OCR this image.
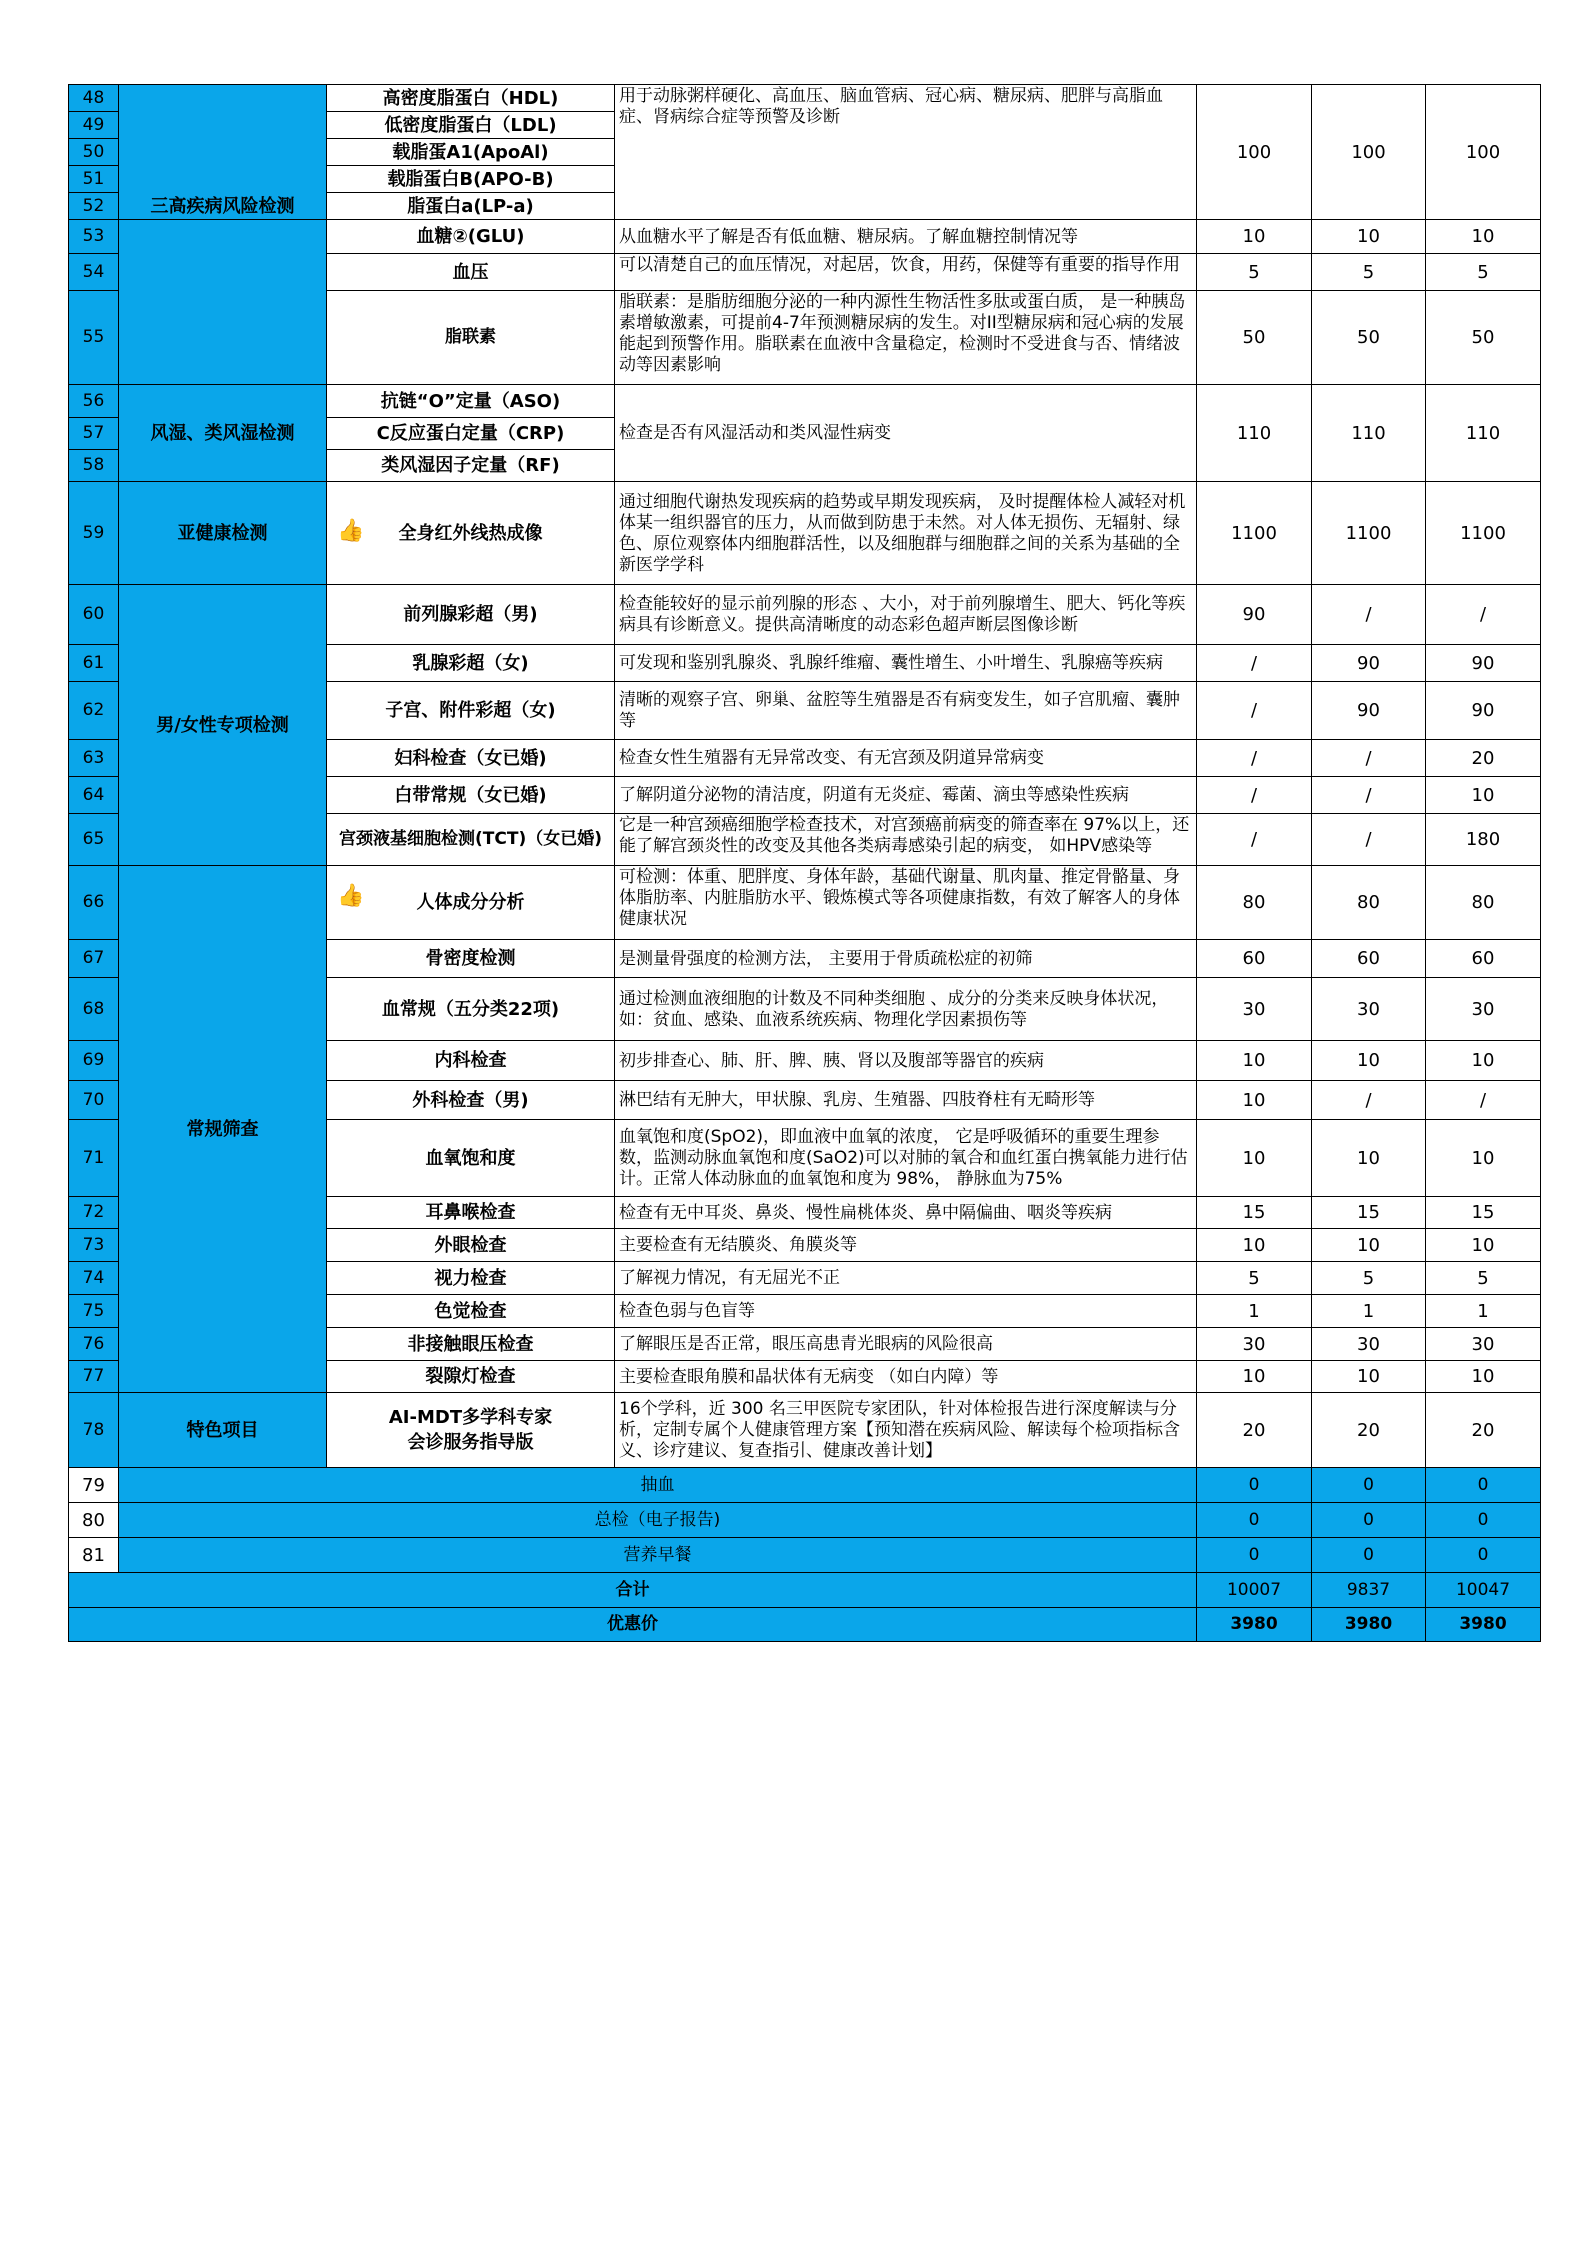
48	三高疾病风险检测	高密度脂蛋白（HDL)	用于动脉粥样硬化、高血压、脑血管病、冠心病、糖尿病、肥胖与高脂血症、肾病综合症等预警及诊断	100	100	100
49		低密度脂蛋白（LDL)				
50		载脂蛋A1(ApoAl)				
51		载脂蛋白B(APO-B)				
52		脂蛋白a(LP-a)				
53		血糖②(GLU)	从血糖水平了解是否有低血糖、糖尿病。了解血糖控制情况等	10	10	10
54		血压	可以清楚自己的血压情况，对起居，饮食，用药，保健等有重要的指导作用	5	5	5
55		脂联素	脂联素：是脂肪细胞分泌的一种内源性生物活性多肽或蛋白质， 是一种胰岛素增敏激素，可提前4-7年预测糖尿病的发生。对II型糖尿病和冠心病的发展能起到预警作用。脂联素在血液中含量稳定，检测时不受进食与否、情绪波动等因素影响	50	50	50
56	风湿、类风湿检测	抗链“O”定量（ASO)	检查是否有风湿活动和类风湿性病变	110	110	110
57		C反应蛋白定量（CRP)				
58		类风湿因子定量（RF)				
59	亚健康检测	👍 全身红外线热成像	通过细胞代谢热发现疾病的趋势或早期发现疾病， 及时提醒体检人减轻对机体某一组织器官的压力，从而做到防患于未然。对人体无损伤、无辐射、绿色、原位观察体内细胞群活性，以及细胞群与细胞群之间的关系为基础的全新医学学科	1100	1100	1100
60	男/女性专项检测	前列腺彩超（男)	检查能较好的显示前列腺的形态 、大小，对于前列腺增生、肥大、钙化等疾病具有诊断意义。提供高清晰度的动态彩色超声断层图像诊断	90	/	/
61		乳腺彩超（女)	可发现和鉴别乳腺炎、乳腺纤维瘤、囊性增生、小叶增生、乳腺癌等疾病	/	90	90
62		子宫、附件彩超（女)	清晰的观察子宫、卵巢、盆腔等生殖器是否有病变发生，如子宫肌瘤、囊肿等	/	90	90
63		妇科检查（女已婚)	检查女性生殖器有无异常改变、有无宫颈及阴道异常病变	/	/	20
64		白带常规（女已婚)	了解阴道分泌物的清洁度，阴道有无炎症、霉菌、滴虫等感染性疾病	/	/	10
65		宫颈液基细胞检测(TCT)（女已婚)	它是一种宫颈癌细胞学检查技术，对宫颈癌前病变的筛查率在 97%以上，还能了解宫颈炎性的改变及其他各类病毒感染引起的病变， 如HPV感染等	/	/	180
66	常规筛查	👍 人体成分分析	可检测：体重、肥胖度、身体年龄，基础代谢量、肌肉量、推定骨骼量、身体脂肪率、内脏脂肪水平、锻炼模式等各项健康指数，有效了解客人的身体健康状况	80	80	80
67		骨密度检测	是测量骨强度的检测方法， 主要用于骨质疏松症的初筛	60	60	60
68		血常规（五分类22项)	通过检测血液细胞的计数及不同种类细胞 、成分的分类来反映身体状况，如：贫血、感染、血液系统疾病、物理化学因素损伤等	30	30	30
69		内科检查	初步排查心、肺、肝、脾、胰、肾以及腹部等器官的疾病	10	10	10
70		外科检查（男)	淋巴结有无肿大，甲状腺、乳房、生殖器、四肢脊柱有无畸形等	10	/	/
71		血氧饱和度	血氧饱和度(SpO2)，即血液中血氧的浓度， 它是呼吸循环的重要生理参数，监测动脉血氧饱和度(SaO2)可以对肺的氧合和血红蛋白携氧能力进行估计。正常人体动脉血的血氧饱和度为 98%， 静脉血为75%	10	10	10
72		耳鼻喉检查	检查有无中耳炎、鼻炎、慢性扁桃体炎、鼻中隔偏曲、咽炎等疾病	15	15	15
73		外眼检查	主要检查有无结膜炎、角膜炎等	10	10	10
74		视力检查	了解视力情况，有无屈光不正	5	5	5
75		色觉检查	检查色弱与色盲等	1	1	1
76		非接触眼压检查	了解眼压是否正常，眼压高患青光眼病的风险很高	30	30	30
77		裂隙灯检查	主要检查眼角膜和晶状体有无病变 （如白内障）等	10	10	10
78	特色项目	AI-MDT多学科专家
会诊服务指导版	16个学科，近 300 名三甲医院专家团队，针对体检报告进行深度解读与分析，定制专属个人健康管理方案【预知潜在疾病风险、解读每个检项指标含义、诊疗建议、复查指引、健康改善计划】	20	20	20
79	抽血			0	0	0
80	总检（电子报告)			0	0	0
81	营养早餐			0	0	0
合计				10007	9837	10047
优惠价				3980	3980	3980
